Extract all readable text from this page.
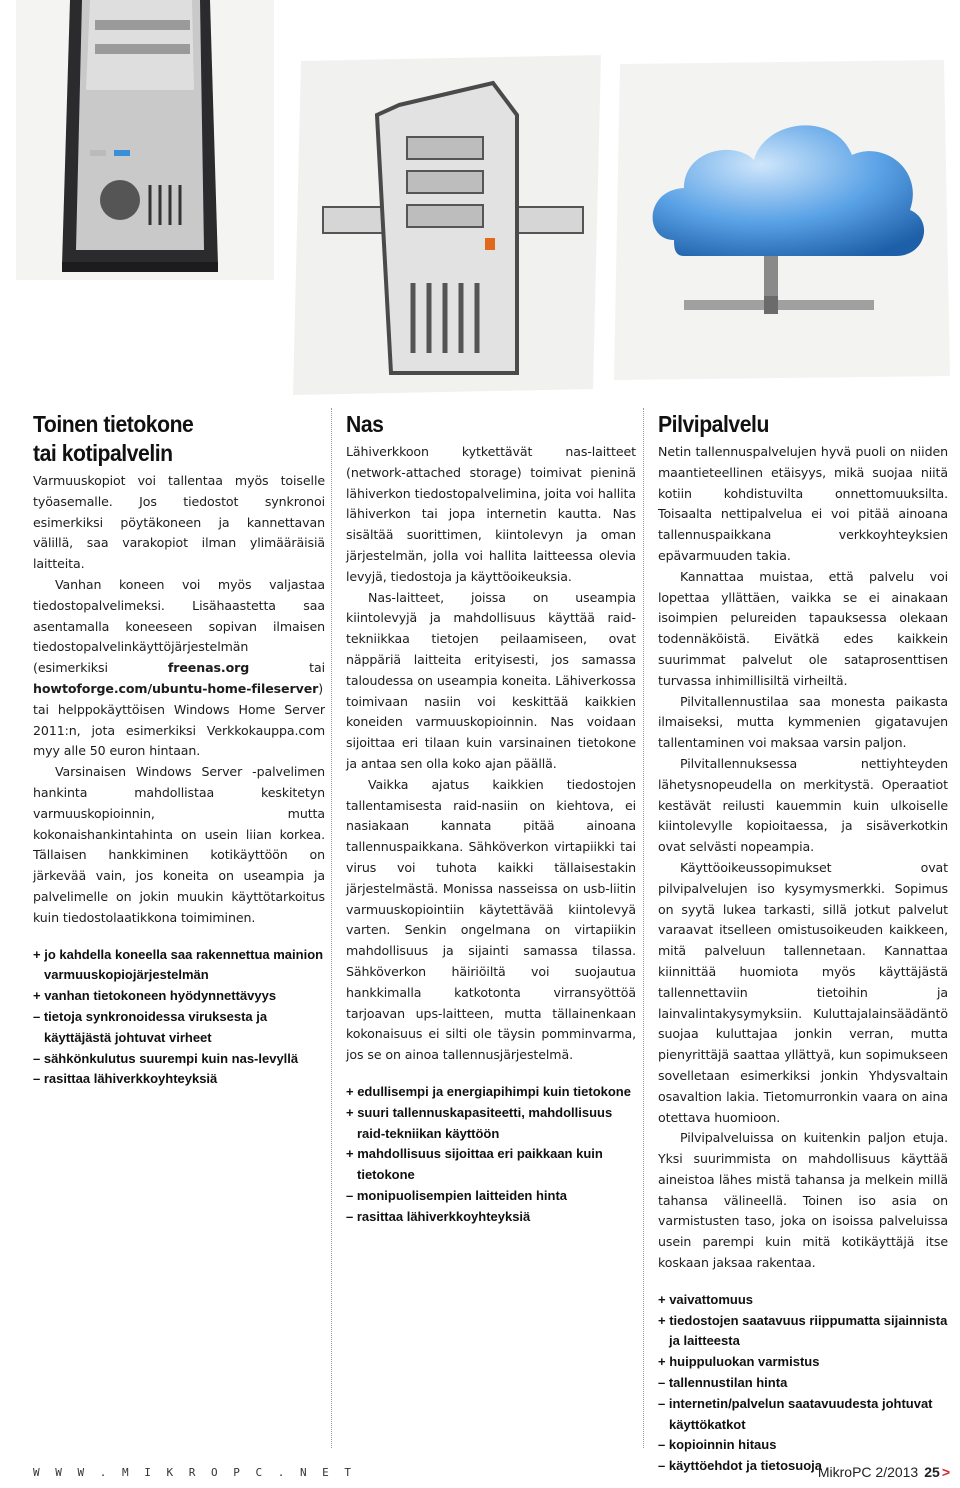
Toinen tietokone
tai kotipalvelin

Varmuuskopiot voi tallentaa myös toiselle työasemalle. Jos tiedostot synkronoi esimerkiksi pöytäkoneen ja kannettavan välillä, saa varakopiot ilman ylimääräisiä laitteita.

Vanhan koneen voi myös valjastaa tiedostopalvelimeksi. Lisähaastetta saa asentamalla koneeseen sopivan ilmaisen tiedostopalvelinkäyttöjärjestelmän (esimerkiksi freenas.org tai howtoforge.com/ubuntu-home-fileserver) tai helppokäyttöisen Windows Home Server 2011:n, jota esimerkiksi Verkkokauppa.com myy alle 50 euron hintaan.

Varsinaisen Windows Server -palvelimen hankinta mahdollistaa keskitetyn varmuuskopioinnin, mutta kokonaishankintahinta on usein liian korkea. Tällaisen hankkiminen kotikäyttöön on järkevää vain, jos koneita on useampia ja palvelimelle on jokin muukin käyttötarkoitus kuin tiedostolaatikkona toimiminen.

+ jo kahdella koneella saa rakennettua mainion varmuuskopiojärjestelmän
+ vanhan tietokoneen hyödynnettävyys
– tietoja synkronoidessa viruksesta ja käyttäjästä johtuvat virheet
– sähkönkulutus suurempi kuin nas-levyllä
– rasittaa lähiverkkoyhteyksiä
Nas

Lähiverkkoon kytkettävät nas-laitteet (network-attached storage) toimivat pieninä lähiverkon tiedostopalvelimina, joita voi hallita lähiverkon tai jopa internetin kautta. Nas sisältää suorittimen, kiintolevyn ja oman järjestelmän, jolla voi hallita laitteessa olevia levyjä, tiedostoja ja käyttöoikeuksia.

Nas-laitteet, joissa on useampia kiintolevyjä ja mahdollisuus käyttää raid-tekniikkaa tietojen peilaamiseen, ovat näppäriä laitteita erityisesti, jos samassa taloudessa on useampia koneita. Lähiverkossa toimivaan nasiin voi keskittää kaikkien koneiden varmuuskopioinnin. Nas voidaan sijoittaa eri tilaan kuin varsinainen tietokone ja antaa sen olla koko ajan päällä.

Vaikka ajatus kaikkien tiedostojen tallentamisesta raid-nasiin on kiehtova, ei nasiakaan kannata pitää ainoana tallennuspaikkana. Sähköverkon virtapiikki tai virus voi tuhota kaikki tällaisestakin järjestelmästä. Monissa nasseissa on usb-liitin varmuuskopiointiin käytettävää kiintolevyä varten. Senkin ongelmana on virtapiikin mahdollisuus ja sijainti samassa tilassa. Sähköverkon häiriöiltä voi suojautua hankkimalla katkotonta virransyöttöä tarjoavan ups-laitteen, mutta tällainenkaan kokonaisuus ei silti ole täysin pomminvarma, jos se on ainoa tallennusjärjestelmä.

+ edullisempi ja energiapihimpi kuin tietokone
+ suuri tallennuskapasiteetti, mahdollisuus raid-tekniikan käyttöön
+ mahdollisuus sijoittaa eri paikkaan kuin tietokone
– monipuolisempien laitteiden hinta
– rasittaa lähiverkkoyhteyksiä
Pilvipalvelu

Netin tallennuspalvelujen hyvä puoli on niiden maantieteellinen etäisyys, mikä suojaa niitä kotiin kohdistuvilta onnettomuuksilta. Toisaalta nettipalvelua ei voi pitää ainoana tallennuspaikkana verkkoyhteyksien epävarmuuden takia.

Kannattaa muistaa, että palvelu voi lopettaa yllättäen, vaikka se ei ainakaan isoimpien pelureiden tapauksessa olekaan todennäköistä. Eivätkä edes kaikkein suurimmat palvelut ole sataprosenttisen turvassa inhimillisiltä virheiltä.

Pilvitallennustilaa saa monesta paikasta ilmaiseksi, mutta kymmenien gigatavujen tallentaminen voi maksaa varsin paljon.

Pilvitallennuksessa nettiyhteyden lähetysnopeudella on merkitystä. Operaatiot kestävät reilusti kauemmin kuin ulkoiselle kiintolevylle kopioitaessa, ja sisäverkotkin ovat selvästi nopeampia.

Käyttöoikeussopimukset ovat pilvipalvelujen iso kysymysmerkki. Sopimus on syytä lukea tarkasti, sillä jotkut palvelut varaavat itselleen omistusoikeuden kaikkeen, mitä palveluun tallennetaan. Kannattaa kiinnittää huomiota myös käyttäjästä tallennettaviin tietoihin ja lainvalintakysymyksiin. Kuluttajalainsäädäntö suojaa kuluttajaa jonkin verran, mutta pienyrittäjä saattaa yllättyä, kun sopimukseen sovelletaan esimerkiksi jonkin Yhdysvaltain osavaltion lakia. Tietomurronkin vaara on aina otettava huomioon.

Pilvipalveluissa on kuitenkin paljon etuja. Yksi suurimmista on mahdollisuus käyttää aineistoa lähes mistä tahansa ja melkein millä tahansa välineellä. Toinen iso asia on varmistusten taso, joka on isoissa palveluissa usein parempi kuin mitä kotikäyttäjä itse koskaan jaksaa rakentaa.

+ vaivattomuus
+ tiedostojen saatavuus riippumatta sijainnista ja laitteesta
+ huippuluokan varmistus
– tallennustilan hinta
– internetin/palvelun saatavuudesta johtuvat käyttökatkot
– kopioinnin hitaus
– käyttöehdot ja tietosuoja
W W W . M I K R O P C . N E T	MikroPC 2/2013 25 >
